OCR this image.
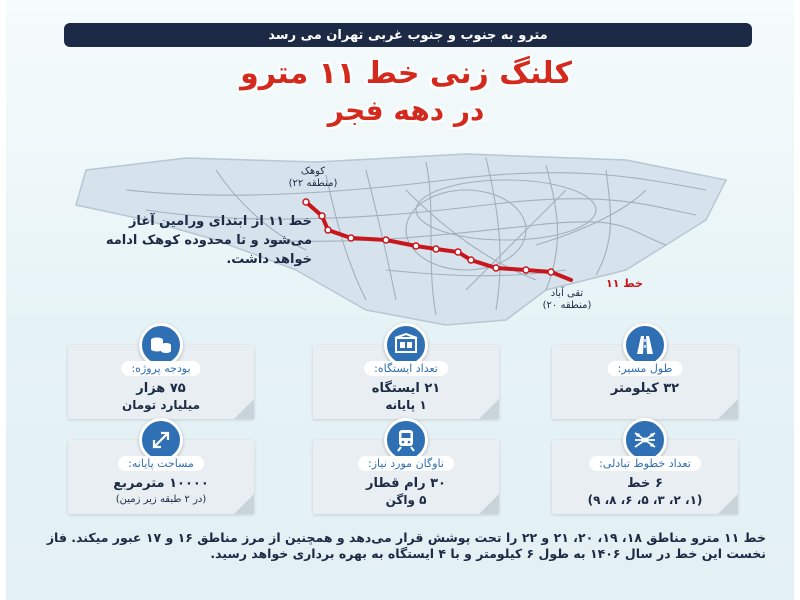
مترو به جنوب و جنوب غربی تهران می رسد
کلنگ زنی خط ۱۱ مترو
در دهه فجر
کوهک
(منطقه ۲۲)
تقی آباد
(منطقه ۲۰)
خط ۱۱
خط ۱۱ از ابتدای ورامین آغاز می‌شود و تا محدوده کوهک ادامه خواهد داشت.
طول مسیر:
۳۲ کیلومتر
تعداد ایستگاه:
۲۱ ایستگاه
۱ پایانه
بودجه پروژه:
۷۵ هزار
میلیارد تومان
تعداد خطوط تبادلی:
۶ خط
(۱، ۲، ۳، ۵، ۶، ۸، ۹)
ناوگان مورد نیاز:
۳۰ رام قطار
۵ واگن
مساحت پایانه:
۱۰۰۰۰ مترمربع
(در ۲ طبقه زیر زمین)
خط ۱۱ مترو مناطق ۱۸، ۱۹، ۲۰، ۲۱ و ۲۲ را تحت پوشش قرار می‌دهد و همچنین از مرز مناطق ۱۶ و ۱۷ عبور میکند. فاز نخست این خط در سال ۱۴۰۶ به طول ۶ کیلومتر و با ۴ ایستگاه به بهره برداری خواهد رسید.
